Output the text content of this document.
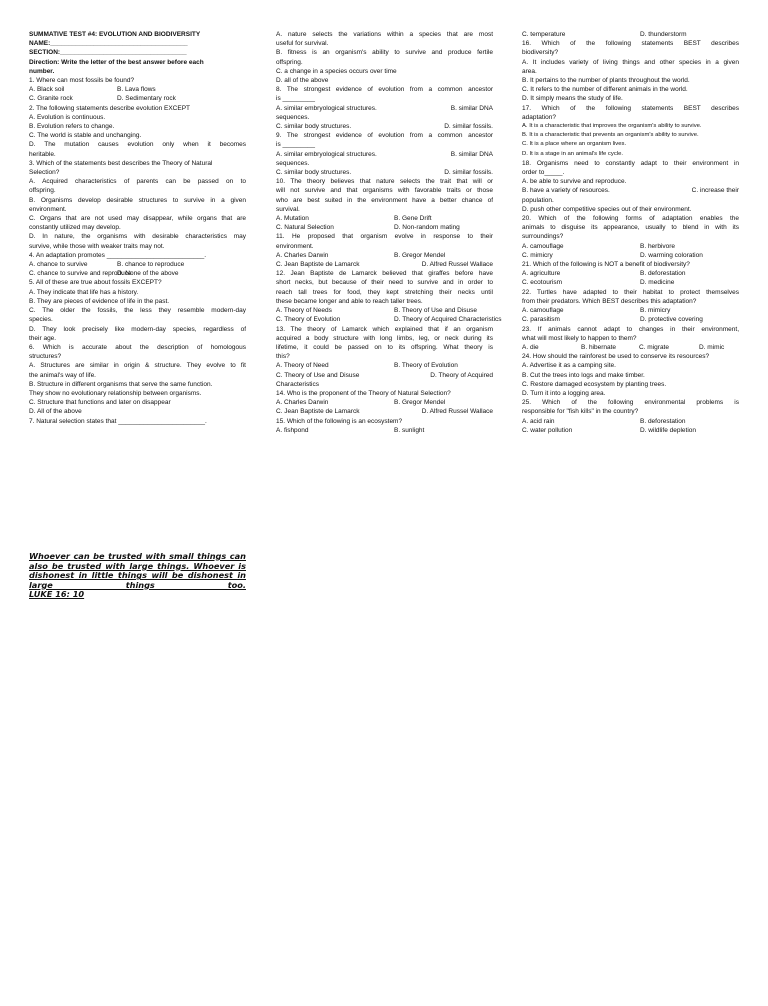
SUMMATIVE TEST #4: EVOLUTION AND BIODIVERSITY
NAME:______________________________________
SECTION:___________________________________
Direction: Write the letter of the best answer before each
number.
1. Where can most fossils be found?
A. Black soil	B. Lava flows
C. Granite rock	D. Sedimentary rock
2. The following statements describe evolution EXCEPT
A. Evolution is continuous.
B. Evolution refers to change.
C. The world is stable and unchanging.
D. The mutation causes evolution only when it becomes
heritable.
3. Which of the statements best describes the Theory of Natural
Selection?
A. Acquired characteristics of parents can be passed on to
offspring.
B. Organisms develop desirable structures to survive in a given
environment.
C. Organs that are not used may disappear, while organs that are
constantly utilized may develop.
D. In nature, the organisms with desirable characteristics may
survive, while those with weaker traits may not.
4. An adaptation promotes ___________________________.
A. chance to survive	B. chance to reproduce
C. chance to survive and reproduce
D. None of the above
5. All of these are true about fossils EXCEPT?
A. They indicate that life has a history.
B. They are pieces of evidence of life in the past.
C. The older the fossils, the less they resemble modern-day
species.
D. They look precisely like modern-day species, regardless of
their age.
6. Which is accurate about the description of homologous
structures?
A. Structures are similar in origin & structure. They evolve to fit
the animal's way of life.
B. Structure in different organisms that serve the same function.
They show no evolutionary relationship between organisms.
C. Structure that functions and later on disappear
D. All of the above
7. Natural selection states that ________________________.
A. nature selects the variations within a species that are most
useful for survival.
B. fitness is an organism's ability to survive and produce fertile
offspring.
C. a change in a species occurs over time
D. all of the above
8. The strongest evidence of evolution from a common ancestor
is _________
A. similar embryological structures.	B. similar DNA
sequences.
C. similar body structures.	D. similar fossils.
9. The strongest evidence of evolution from a common ancestor
is _________
A. similar embryological structures.	B. similar DNA
sequences.
C. similar body structures.	D. similar fossils.
10. The theory believes that nature selects the trait that will or
will not survive and that organisms with favorable traits or those
who are best suited in the environment have a better chance of
survival.
A. Mutation	B. Gene Drift
C. Natural Selection	D. Non-random mating
11. He proposed that organism evolve in response to their
environment.
A. Charles Darwin	B. Gregor Mendel
C. Jean Baptiste de Lamarck	D. Alfred Russel Wallace
12. Jean Baptiste de Lamarck believed that giraffes before have
short necks, but because of their need to survive and in order to
reach tall trees for food, they kept stretching their necks until
these became longer and able to reach taller trees.
A. Theory of Needs	B. Theory of Use and Disuse
C. Theory of Evolution	D. Theory of Acquired Characteristics
13. The theory of Lamarck which explained that if an organism
acquired a body structure with long limbs, leg, or neck during its
lifetime, it could be passed on to its offspring. What theory is
this?
A. Theory of Need	B. Theory of Evolution
C. Theory of Use and Disuse	D. Theory of Acquired
Characteristics
14. Who is the proponent of the Theory of Natural Selection?
A. Charles Darwin	B. Gregor Mendel
C. Jean Baptiste de Lamarck	D. Alfred Russel Wallace
15. Which of the following is an ecosystem?
A. fishpond	B. sunlight
C. temperature	D. thunderstorm
16. Which of the following statements BEST describes
biodiversity?
A. It includes variety of living things and other species in a given
area.
B. It pertains to the number of plants throughout the world.
C. It refers to the number of different animals in the world.
D. It simply means the study of life.
17. Which of the following statements BEST describes
adaptation?
A. It is a characteristic that improves the organism's ability to survive.
B. It is a characteristic that prevents an organism's ability to survive.
C. It is a place where an organism lives.
D. It is a stage in an animal's life cycle.
18. Organisms need to constantly adapt to their environment in
order to_____.
A. be able to survive and reproduce.
B. have a variety of resources.	C. increase their
population.
D. push other competitive species out of their environment.
20. Which of the following forms of adaptation enables the
animals to disguise its appearance, usually to blend in with its
surroundings?
A. camouflage	B. herbivore
C. mimicry	D. warming coloration
21. Which of the following is NOT a benefit of biodiversity?
A. agriculture	B. deforestation
C. ecotourism	D. medicine
22. Turtles have adapted to their habitat to protect themselves
from their predators. Which BEST describes this adaptation?
A. camouflage	B. mimicry
C. parasitism	D. protective covering
23. If animals cannot adapt to changes in their environment,
what will most likely to happen to them?
A. die	B. hibernate	C. migrate	D. mimic
24. How should the rainforest be used to conserve its resources?
A. Advertise it as a camping site.
B. Cut the trees into logs and make timber.
C. Restore damaged ecosystem by planting trees.
D. Turn it into a logging area.
25. Which of the following environmental problems is
responsible for "fish kills" in the country?
A. acid rain	B. deforestation
C. water pollution	D. wildlife depletion
Whoever can be trusted with small things can
also be trusted with large things. Whoever is
dishonest in little things will be dishonest in
large things too.
LUKE 16: 10
